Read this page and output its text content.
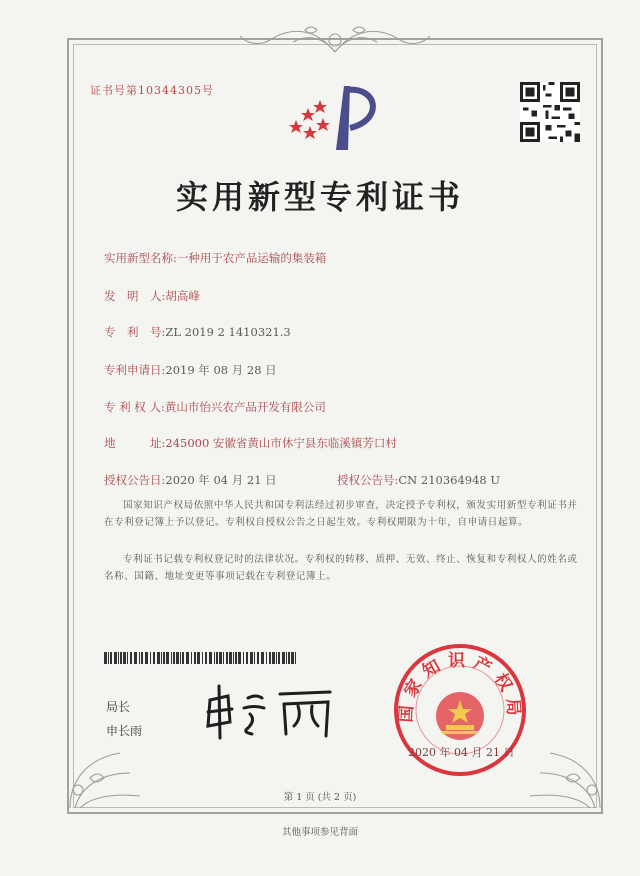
证书号第10344305号
实用新型专利证书
实用新型名称:一种用于农产品运输的集装箱
发　明　人:胡高峰
专　利　号:ZL 2019 2 1410321.3
专利申请日:2019 年 08 月 28 日
专 利 权 人:黄山市怡兴农产品开发有限公司
地　　　址:245000 安徽省黄山市休宁县东临溪镇芳口村
授权公告日:2020 年 04 月 21 日	授权公告号:CN 210364948 U
国家知识产权局依照中华人民共和国专利法经过初步审查，决定授予专利权，颁发实用新型专利证书并在专利登记簿上予以登记。专利权自授权公告之日起生效。专利权期限为十年，自申请日起算。
专利证书记载专利权登记时的法律状况。专利权的转移、质押、无效、终止、恢复和专利权人的姓名或名称、国籍、地址变更等事项记载在专利登记簿上。
局长
申长雨
国家知识产权局
2020 年 04 月 21 日
第 1 页 (共 2 页)
其他事项参见背面
